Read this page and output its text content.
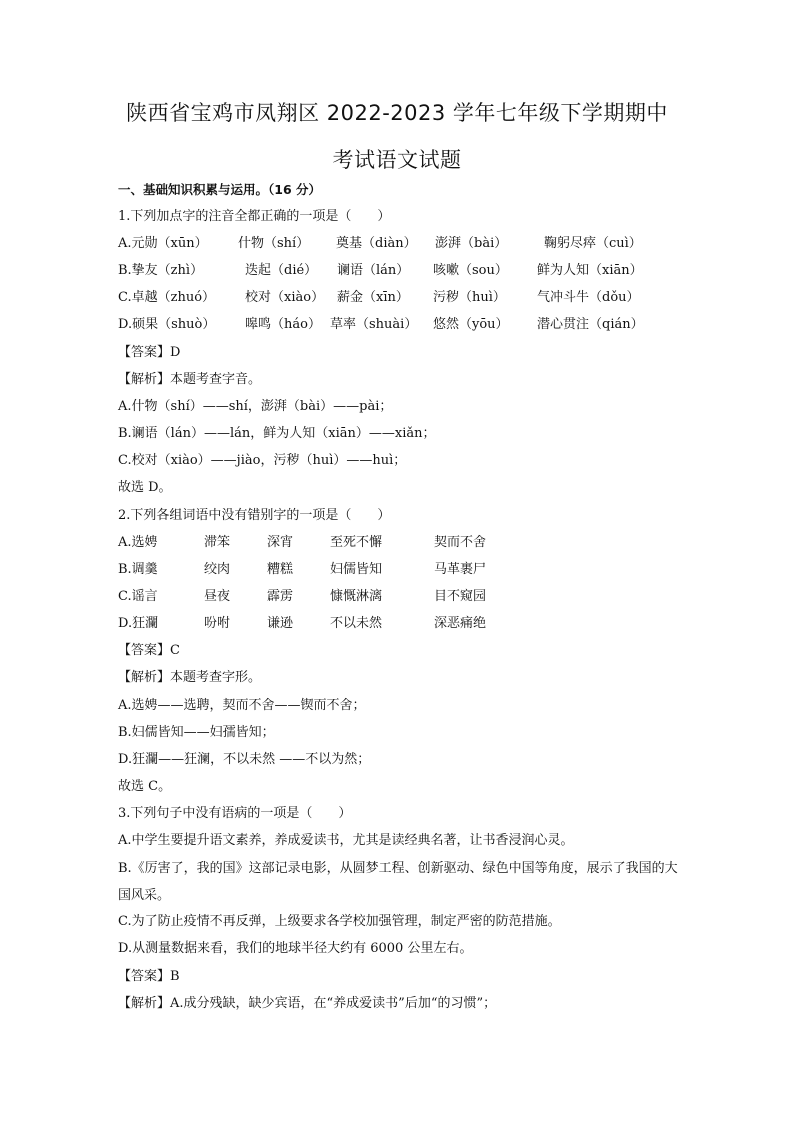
陕西省宝鸡市凤翔区 2022-2023 学年七年级下学期期中
考试语文试题
一、基础知识积累与运用。（16 分）
1.下列加点字的注音全都正确的一项是（　　）
A.元勋（xūn） 什物（shí） 奠基（diàn） 澎湃（bài）	鞠躬尽瘁（cuì）
B.挚友（zhì）	迭起（dié） 谰语（lán） 咳嗽（sou） 鲜为人知（xiān）
C.卓越（zhuó） 校对（xiào） 薪金（xīn） 污秽（huì） 气冲斗牛（dǒu）
D.硕果（shuò） 嗥鸣（háo） 草率（shuài） 悠然（yōu） 潜心贯注（qián）
【答案】D
【解析】本题考查字音。
A.什物（shí）——shí，澎湃（bài）——pài；
B.谰语（lán）——lán，鲜为人知（xiān）——xiǎn；
C.校对（xiào）——jiào，污秽（huì）——huì；
故选 D。
2.下列各组词语中没有错别字的一项是（　　）
A.选娉	滞笨	深宵	至死不懈	契而不舍
B.调羹	绞肉	糟糕	妇儒皆知	马革裹尸
C.谣言	昼夜	霹雳	慷慨淋漓	目不窥园
D.狂瀾	吩咐	谦逊	不以未然	深恶痛绝
【答案】C
【解析】本题考查字形。
A.选娉——选聘，契而不舍——锲而不舍；
B.妇儒皆知——妇孺皆知；
D.狂瀾——狂澜，不以未然 ——不以为然；
故选 C。
3.下列句子中没有语病的一项是（　　）
A.中学生要提升语文素养，养成爱读书，尤其是读经典名著，让书香浸润心灵。
B.《厉害了，我的国》这部记录电影，从圆梦工程、创新驱动、绿色中国等角度，展示了我国的大国风采。
C.为了防止疫情不再反弹，上级要求各学校加强管理，制定严密的防范措施。
D.从测量数据来看，我们的地球半径大约有 6000 公里左右。
【答案】B
【解析】A.成分残缺，缺少宾语，在“养成爱读书”后加“的习惯”；
